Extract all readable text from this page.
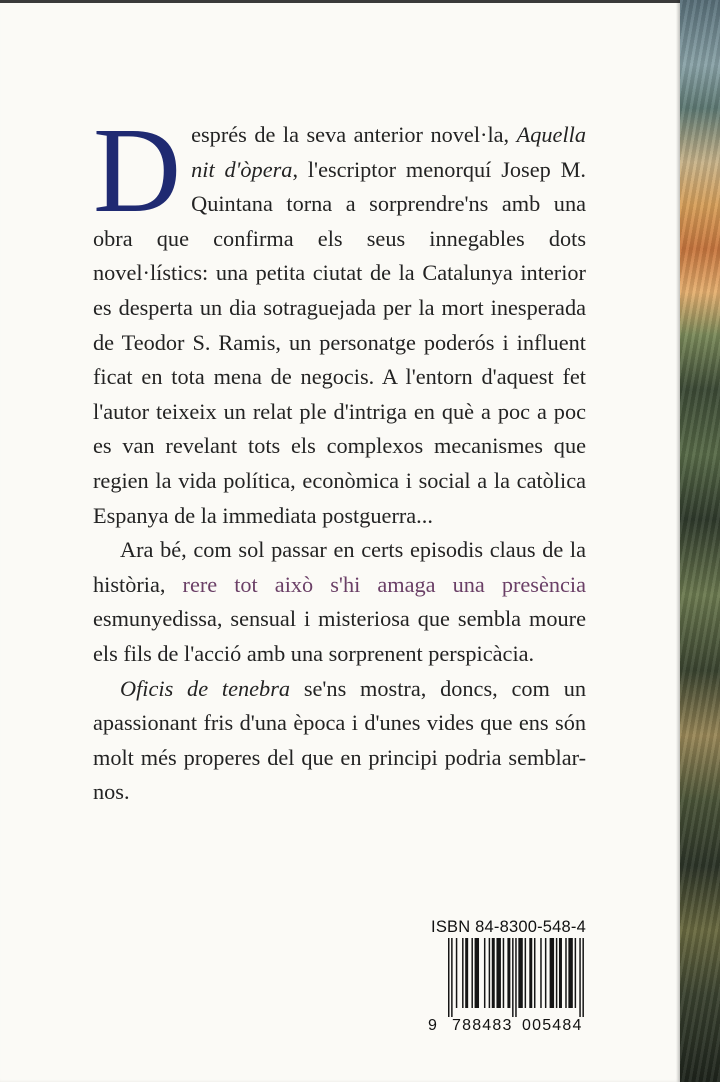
Després de la seva anterior novel·la, Aquella nit d'òpera, l'escriptor menorquí Josep M. Quintana torna a sorprendre'ns amb una obra que confirma els seus innegables dots novel·lístics: una petita ciutat de la Catalunya interior es desperta un dia sotraguejada per la mort inesperada de Teodor S. Ramis, un personatge poderós i influent ficat en tota mena de negocis. A l'entorn d'aquest fet l'autor teixeix un relat ple d'intriga en què a poc a poc es van revelant tots els complexos mecanismes que regien la vida política, econòmica i social a la catòlica Espanya de la immediata postguerra...

Ara bé, com sol passar en certs episodis claus de la història, rere tot això s'hi amaga una presència esmunyedissa, sensual i misteriosa que sembla moure els fils de l'acció amb una sorprenent perspicàcia.

Oficis de tenebra se'ns mostra, doncs, com un apassionant fris d'una època i d'unes vides que ens són molt més properes del que en principi podria semblar-nos.

ISBN 84-8300-548-4
9 788483 005484
